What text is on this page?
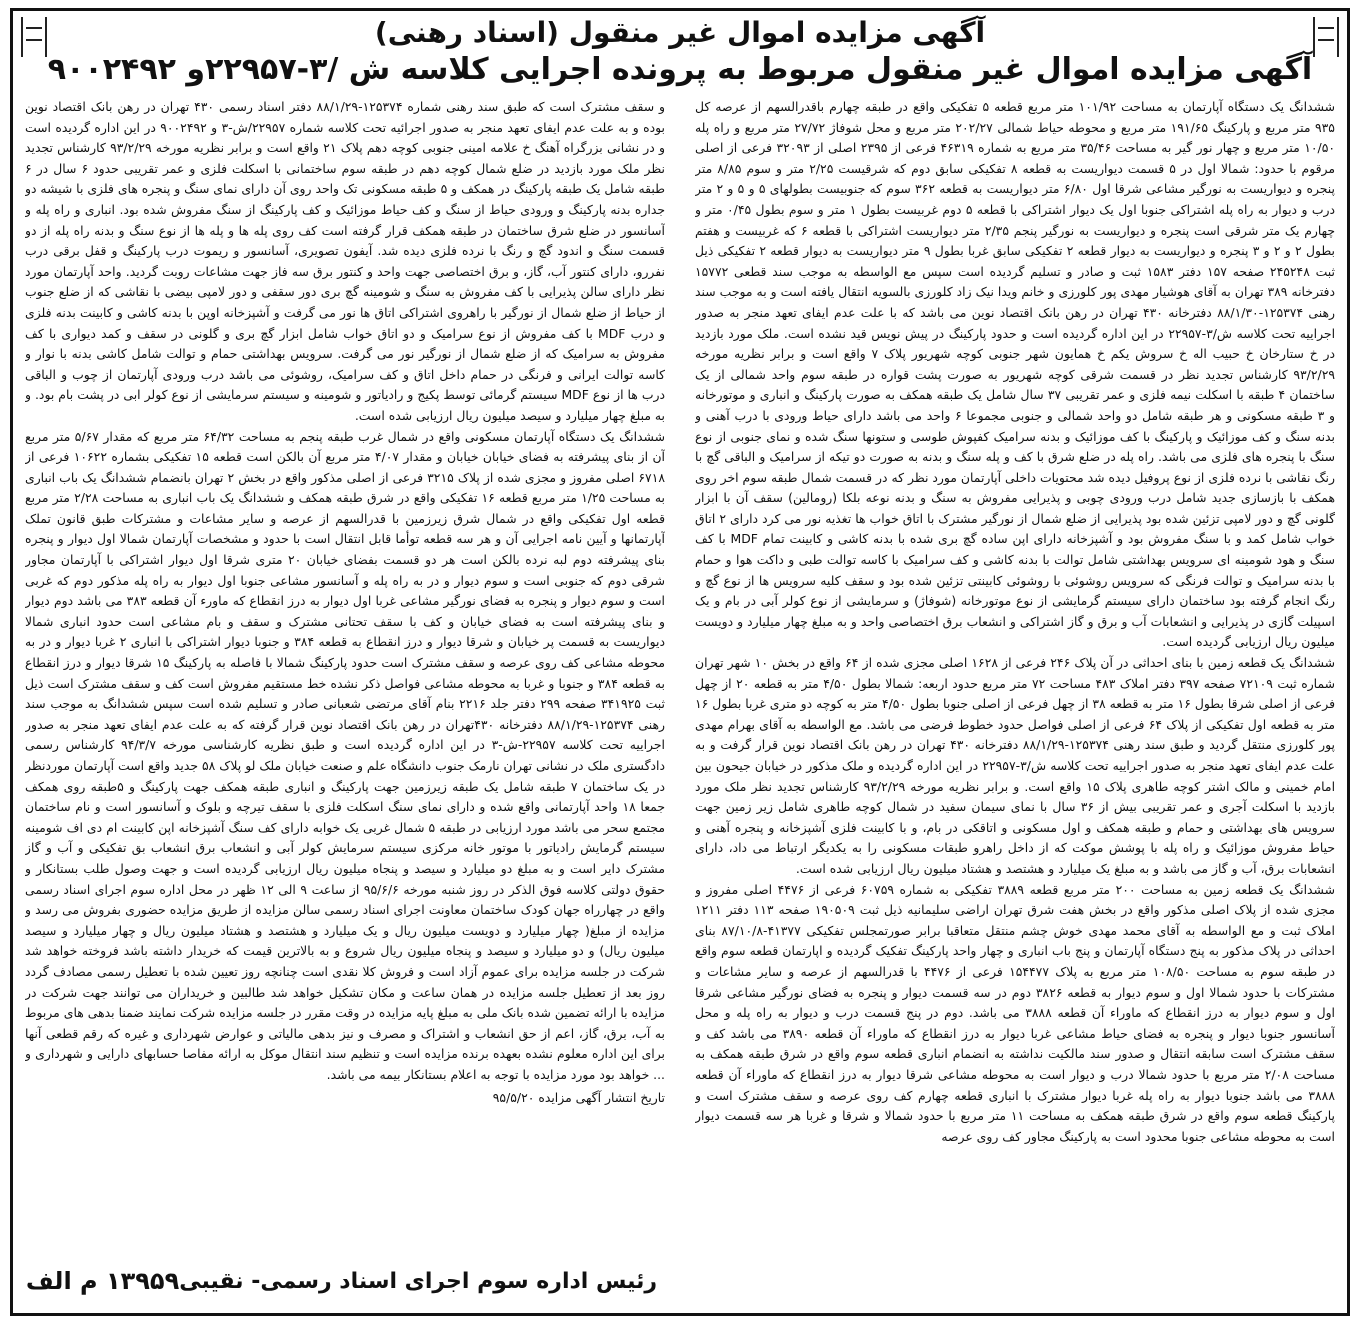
آگهی مزایده اموال غیر منقول (اسناد رهنی)
آگهی مزایده اموال غیر منقول مربوط به پرونده اجرایی کلاسه ش /۳-۲۲۹۵۷و ۹۰۰۲۴۹۲

ششدانگ یک دستگاه آپارتمان به مساحت ۱۰۱/۹۲ متر مربع قطعه ۵ تفکیکی واقع در طبقه چهارم باقدرالسهم از عرصه کل ۹۳۵ متر مربع و پارکینگ ۱۹۱/۶۵ متر مربع و محوطه حیاط شمالی ۲۰۲/۲۷ متر مربع و محل شوفاژ ۲۷/۷۲ متر مربع و راه پله ۱۰/۵۰ متر مربع و چهار نور گیر به مساحت ۳۵/۴۶ متر مربع به شماره ۴۶۳۱۹ فرعی از ۲۳۹۵ اصلی از ۳۲۰۹۳ فرعی از اصلی مرقوم با حدود: شمالا اول در ۵ قسمت دیواریست به قطعه ۸ تفکیکی سابق دوم که شرقیست ۲/۲۵ متر و سوم ۸/۸۵ متر پنجره و دیواریست به نورگیر مشاعی شرقا اول ۶/۸۰ متر دیواریست به قطعه ۳۶۲ سوم که جنوبیست بطولهای ۵ و ۵ و ۲ متر درب و دیوار به راه پله اشتراکی جنوبا اول یک دیوار اشتراکی با قطعه ۵ دوم غربیست بطول ۱ متر و سوم بطول ۰/۴۵ متر و چهارم یک متر شرقی است پنجره و دیواریست به نورگیر پنجم ۲/۳۵ متر دیواریست اشتراکی با قطعه ۶ که غربیست و هفتم بطول ۲ و ۲ و ۳ پنجره و دیواریست به دیوار قطعه ۲ تفکیکی سابق غربا بطول ۹ متر دیواریست به دیوار قطعه ۲ تفکیکی ذیل ثبت ۲۴۵۲۴۸ صفحه ۱۵۷ دفتر ۱۵۸۳ ثبت و صادر و تسلیم گردیده است سپس مع الواسطه به موجب سند قطعی ۱۵۷۷۲ دفترخانه ۳۸۹ تهران به آقای هوشیار مهدی پور کلورزی و خانم ویدا نیک زاد کلورزی بالسویه انتقال یافته است و به موجب سند رهنی ۱۲۵۳۷۴-۸۸/۱/۳۰ دفترخانه ۴۳۰ تهران در رهن بانک اقتصاد نوین می باشد که با علت عدم ایفای تعهد منجر به صدور اجراییه تحت کلاسه ش/۳-۲۲۹۵۷ در این اداره گردیده است و حدود پارکینگ در پیش نویس قید نشده است. ملک مورد بازدید در خ ستارخان خ حبیب اله خ سروش یکم خ همایون شهر جنوبی کوچه شهریور پلاک ۷ واقع است و برابر نظریه مورخه ۹۳/۲/۲۹ کارشناس تجدید نظر در قسمت شرقی کوچه شهریور به صورت پشت قواره در طبقه سوم واحد شمالی از یک ساختمان ۴ طبقه با اسکلت نیمه فلزی و عمر تقریبی ۳۷ سال شامل یک طبقه همکف به صورت پارکینگ و انباری و موتورخانه و ۳ طبقه مسکونی و هر طبقه شامل دو واحد شمالی و جنوبی مجموعا ۶ واحد می باشد دارای حیاط ورودی با درب آهنی و بدنه سنگ و کف موزائیک و پارکینگ با کف موزائیک و بدنه سرامیک کفپوش طوسی و ستونها سنگ شده و نمای جنوبی از نوع سنگ با پنجره های فلزی می باشد. راه پله در ضلع شرق با کف و پله سنگ و بدنه به صورت دو تیکه از سرامیک و الباقی گچ با رنگ نقاشی با نرده فلزی از نوع پروفیل دیده شد محتویات داخلی آپارتمان مورد نظر که در قسمت شمال طبقه سوم اخر روی همکف با بازسازی جدید شامل درب ورودی چوبی و پذیرایی مفروش به سنگ و بدنه نوعه بلکا (رومالین) سقف آن با ابزار گلونی گچ و دور لامپی تزئین شده بود پذیرایی از ضلع شمال از نورگیر مشترک با اتاق خواب ها تغذیه نور می کرد دارای ۲ اتاق خواب شامل کمد و با سنگ مفروش بود و آشپزخانه دارای اپن ساده گچ بری شده با بدنه کاشی و کابینت تمام MDF با کف سنگ و هود شومینه ای سرویس بهداشتی شامل توالت با بدنه کاشی و کف سرامیک با کاسه توالت طبی و داکت هوا و حمام با بدنه سرامیک و توالت فرنگی که سرویس روشوئی با روشوئی کابینتی تزئین شده بود و سقف کلیه سرویس ها از نوع گچ و رنگ انجام گرفته بود ساختمان دارای سیستم گرمایشی از نوع موتورخانه (شوفاژ) و سرمایشی از نوع کولر آبی در بام و یک اسپیلت گازی در پذیرایی و انشعابات آب و برق و گاز اشتراکی و انشعاب برق اختصاصی واحد و به مبلغ چهار میلیارد و دویست میلیون ریال ارزیابی گردیده است.

ششدانگ یک قطعه زمین با بنای احداثی در آن پلاک ۲۴۶ فرعی از ۱۶۲۸ اصلی مجزی شده از ۶۴ واقع در بخش ۱۰ شهر تهران شماره ثبت ۷۲۱۰۹ صفحه ۳۹۷ دفتر املاک ۴۸۳ مساحت ۷۲ متر مربع حدود اربعه: شمالا بطول ۴/۵۰ متر به قطعه ۲۰ از چهل فرعی از اصلی شرقا بطول ۱۶ متر به قطعه ۳۸ از چهل فرعی از اصلی جنوبا بطول ۴/۵۰ متر به کوچه دو متری غربا بطول ۱۶ متر به قطعه اول تفکیکی از پلاک ۶۴ فرعی از اصلی فواصل حدود خطوط فرضی می باشد. مع الواسطه به آقای بهرام مهدی پور کلورزی منتقل گردید و طبق سند رهنی ۱۲۵۳۷۴-۸۸/۱/۲۹ دفترخانه ۴۳۰ تهران در رهن بانک اقتصاد نوین قرار گرفت و به علت عدم ایفای تعهد منجر به صدور اجراییه تحت کلاسه ش/۳-۲۲۹۵۷ در این اداره گردیده و ملک مذکور در خیابان جیحون بین امام خمینی و مالک اشتر کوچه طاهری پلاک ۱۵ واقع است. و برابر نظریه مورخه ۹۳/۲/۲۹ کارشناس تجدید نظر ملک مورد بازدید با اسکلت آجری و عمر تقریبی بیش از ۳۶ سال با نمای سیمان سفید در شمال کوچه طاهری شامل زیر زمین جهت سرویس های بهداشتی و حمام و طبقه همکف و اول مسکونی و اتاقکی در بام، و با کابینت فلزی آشپزخانه و پنجره آهنی و حیاط مفروش موزائیک و راه پله با پوشش موکت که از داخل راهرو طبقات مسکونی را به یکدیگر ارتباط می داد، دارای انشعابات برق، آب و گاز می باشد و به مبلغ یک میلیارد و هشتصد و هشتاد میلیون ریال ارزیابی شده است.

ششدانگ یک قطعه زمین به مساحت ۲۰۰ متر مربع قطعه ۳۸۸۹ تفکیکی به شماره ۶۰۷۵۹ فرعی از ۴۴۷۶ اصلی مفروز و مجزی شده از پلاک اصلی مذکور واقع در بخش هفت شرق تهران اراضی سلیمانیه ذیل ثبت ۱۹۰۵۰۹ صفحه ۱۱۳ دفتر ۱۲۱۱ املاک ثبت و مع الواسطه به آقای محمد مهدی خوش چشم منتقل متعاقبا برابر صورتمجلس تفکیکی ۴۱۳۷۷-۸۷/۱۰/۸ بنای احداثی در پلاک مذکور به پنج دستگاه آپارتمان و پنج باب انباری و چهار واحد پارکینگ تفکیک گردیده و اپارتمان قطعه سوم واقع در طبقه سوم به مساحت ۱۰۸/۵۰ متر مربع به پلاک ۱۵۴۴۷۷ فرعی از ۴۴۷۶ با قدرالسهم از عرصه و سایر مشاعات و مشترکات با حدود شمالا اول و سوم دیوار به قطعه ۳۸۲۶ دوم در سه قسمت دیوار و پنجره به فضای نورگیر مشاعی شرقا اول و سوم دیوار به درز انقطاع که ماوراء آن قطعه ۳۸۸۸ می باشد. دوم در پنج قسمت درب و دیوار به راه پله و محل آسانسور جنوبا دیوار و پنجره به فضای حیاط مشاعی غربا دیوار به درز انقطاع که ماوراء آن قطعه ۳۸۹۰ می باشد کف و سقف مشترک است سابقه انتقال و صدور سند مالکیت نداشته به انضمام انباری قطعه سوم واقع در شرق طبقه همکف به مساحت ۲/۰۸ متر مربع با حدود شمالا درب و دیوار است به محوطه مشاعی شرقا دیوار به درز انقطاع که ماوراء آن قطعه ۳۸۸۸ می باشد جنوبا دیوار به راه پله غربا دیوار مشترک با انباری قطعه چهارم کف روی عرصه و سقف مشترک است و پارکینگ قطعه سوم واقع در شرق طبقه همکف به مساحت ۱۱ متر مربع با حدود شمالا و شرقا و غربا هر سه قسمت دیوار است به محوطه مشاعی جنوبا محدود است به پارکینگ مجاور کف روی عرصه

و سقف مشترک است که طبق سند رهنی شماره ۱۲۵۳۷۴-۸۸/۱/۲۹ دفتر اسناد رسمی ۴۳۰ تهران در رهن بانک اقتصاد نوین بوده و به علت عدم ایفای تعهد منجر به صدور اجرائیه تحت کلاسه شماره ۲۲۹۵۷/ش-۳ و ۹۰۰۲۴۹۲ در این اداره گردیده است و در نشانی بزرگراه آهنگ خ علامه امینی جنوبی کوچه دهم پلاک ۲۱ واقع است و برابر نظریه مورخه ۹۳/۲/۲۹ کارشناس تجدید نظر ملک مورد بازدید در ضلع شمال کوچه دهم در طبقه سوم ساختمانی با اسکلت فلزی و عمر تقریبی حدود ۶ سال در ۶ طبقه شامل یک طبقه پارکینگ در همکف و ۵ طبقه مسکونی تک واحد روی آن دارای نمای سنگ و پنجره های فلزی با شیشه دو جداره بدنه پارکینگ و ورودی حیاط از سنگ و کف حیاط موزائیک و کف پارکینگ از سنگ مفروش شده بود. انباری و راه پله و آسانسور در ضلع شرق ساختمان در طبقه همکف قرار گرفته است کف روی پله ها و پله ها از نوع سنگ و بدنه راه پله از دو قسمت سنگ و اندود گچ و رنگ با نرده فلزی دیده شد. آیفون تصویری، آسانسور و ریموت درب پارکینگ و قفل برقی درب نفررو، دارای کنتور آب، گاز، و برق اختصاصی جهت واحد و کنتور برق سه فاز جهت مشاعات روبت گردید. واحد آپارتمان مورد نظر دارای سالن پذیرایی با کف مفروش به سنگ و شومینه گچ بری دور سقفی و دور لامپی بیضی با نقاشی که از ضلع جنوب از حیاط از ضلع شمال از نورگیر با راهروی اشتراکی اتاق ها نور می گرفت و آشپزخانه اوپن با بدنه کاشی و کابینت بدنه فلزی و درب MDF با کف مفروش از نوع سرامیک و دو اتاق خواب شامل ابزار گچ بری و گلونی در سقف و کمد دیواری با کف مفروش به سرامیک که از ضلع شمال از نورگیر نور می گرفت. سرویس بهداشتی حمام و توالت شامل کاشی بدنه با نوار و کاسه توالت ایرانی و فرنگی در حمام داخل اتاق و کف سرامیک، روشوئی می باشد درب ورودی آپارتمان از چوب و الباقی درب ها از نوع MDF سیستم گرمائی توسط پکیج و رادیاتور و شومینه و سیستم سرمایشی از نوع کولر ابی در پشت بام بود. و به مبلغ چهار میلیارد و سیصد میلیون ریال ارزیابی شده است.

ششدانگ یک دستگاه آپارتمان مسکونی واقع در شمال غرب طبقه پنجم به مساحت ۶۴/۳۲ متر مربع که مقدار ۵/۶۷ متر مربع آن از بنای پیشرفته به فضای خیابان خیابان و مقدار ۴/۰۷ متر مربع آن بالکن است قطعه ۱۵ تفکیکی بشماره ۱۰۶۲۲ فرعی از ۶۷۱۸ اصلی مفروز و مجزی شده از پلاک ۳۲۱۵ فرعی از اصلی مذکور واقع در بخش ۲ تهران بانضمام ششدانگ یک باب انباری به مساحت ۱/۲۵ متر مربع قطعه ۱۶ تفکیکی واقع در شرق طبقه همکف و ششدانگ یک باب انباری به مساحت ۲/۲۸ متر مربع قطعه اول تفکیکی واقع در شمال شرق زیرزمین با قدرالسهم از عرصه و سایر مشاعات و مشترکات طبق قانون تملک آپارتمانها و آیین نامه اجرایی آن و هر سه قطعه توأما قابل انتقال است با حدود و مشخصات آپارتمان شمالا اول دیوار و پنجره بنای پیشرفته دوم لبه نرده بالکن است هر دو قسمت بفضای خیابان ۲۰ متری شرقا اول دیوار اشتراکی با آپارتمان مجاور شرقی دوم که جنوبی است و سوم دیوار و در به راه پله و آسانسور مشاعی جنوبا اول دیوار به راه پله مذکور دوم که غربی است و سوم دیوار و پنجره به فضای نورگیر مشاعی غربا اول دیوار به درز انقطاع که ماورء آن قطعه ۳۸۳ می باشد دوم دیوار و بنای پیشرفته است به فضای خیابان و کف با سقف تحتانی مشترک و سقف و بام مشاعی است حدود انباری شمالا دیواریست به قسمت پر خیابان و شرقا دیوار و درز انقطاع به قطعه ۳۸۴ و جنوبا دیوار اشتراکی با انباری ۲ غربا دیوار و در به محوطه مشاعی کف روی عرصه و سقف مشترک است حدود پارکینگ شمالا با فاصله به پارکینگ ۱۵ شرقا دیوار و درز انقطاع به قطعه ۳۸۴ و جنوبا و غربا به محوطه مشاعی فواصل ذکر نشده خط مستقیم مفروش است کف و سقف مشترک است ذیل ثبت ۳۴۱۹۲۵ صفحه ۲۹۹ دفتر جلد ۲۲۱۶ بنام آقای مرتضی شعبانی صادر و تسلیم شده است سپس ششدانگ به موجب سند رهنی ۱۲۵۳۷۴-۸۸/۱/۲۹ دفترخانه ۴۳۰تهران در رهن بانک اقتصاد نوین قرار گرفته که به علت عدم ایفای تعهد منجر به صدور اجراییه تحت کلاسه ۲۲۹۵۷-ش-۳ در این اداره گردیده است و طبق نظریه کارشناسی مورخه ۹۴/۳/۷ کارشناس رسمی دادگستری ملک در نشانی تهران نارمک جنوب دانشگاه علم و صنعت خیابان ملک لو پلاک ۵۸ جدید واقع است آپارتمان موردنظر در یک ساختمان ۷ طبقه شامل یک طبقه زیرزمین جهت پارکینگ و انباری طبقه همکف جهت پارکینگ و ۵طبقه روی همکف جمعا ۱۸ واحد آپارتمانی واقع شده و دارای نمای سنگ اسکلت فلزی با سقف تیرچه و بلوک و آسانسور است و نام ساختمان مجتمع سحر می باشد مورد ارزیابی در طبقه ۵ شمال غربی یک خوابه دارای کف سنگ آشپزخانه اپن کابینت ام دی اف شومینه سیستم گرمایش رادیاتور با موتور خانه مرکزی سیستم سرمایش کولر آبی و انشعاب برق انشعاب بق تفکیکی و آب و گاز مشترک دایر است و به مبلغ دو میلیارد و سیصد و پنجاه میلیون ریال ارزیابی گردیده است و جهت وصول طلب بستانکار و حقوق دولتی کلاسه فوق الذکر در روز شنبه مورخه ۹۵/۶/۶ از ساعت ۹ الی ۱۲ ظهر در محل اداره سوم اجرای اسناد رسمی واقع در چهارراه جهان کودک ساختمان معاونت اجرای اسناد رسمی سالن مزایده از طریق مزایده حضوری بفروش می رسد و مزایده از مبلغ( چهار میلیارد و دویست میلیون ریال و یک میلیارد و هشتصد و هشتاد میلیون ریال و چهار میلیارد و سیصد میلیون ریال) و دو میلیارد و سیصد و پنجاه میلیون ریال شروع و به بالاترین قیمت که خریدار داشته باشد فروخته خواهد شد شرکت در جلسه مزایده برای عموم آزاد است و فروش کلا نقدی است چنانچه روز تعیین شده با تعطیل رسمی مصادف گردد روز بعد از تعطیل جلسه مزایده در همان ساعت و مکان تشکیل خواهد شد طالبین و خریداران می توانند جهت شرکت در مزایده با ارائه تضمین شده بانک ملی به مبلغ پایه مزایده در وقت مقرر در جلسه مزایده شرکت نمایند ضمنا بدهی های مربوط به آب، برق، گاز، اعم از حق انشعاب و اشتراک و مصرف و نیز بدهی مالیاتی و عوارض شهرداری و غیره که رقم قطعی آنها برای این اداره معلوم نشده بعهده برنده مزایده است و تنظیم سند انتقال موکل به ارائه مفاصا حسابهای دارایی و شهرداری و ... خواهد بود مورد مزایده با توجه به اعلام بستانکار بیمه می باشد.

تاریخ انتشار آگهی مزایده ۹۵/۵/۲۰
رئیس اداره سوم اجرای اسناد رسمی- نقیبی
۱۳۹۵۹ م الف
